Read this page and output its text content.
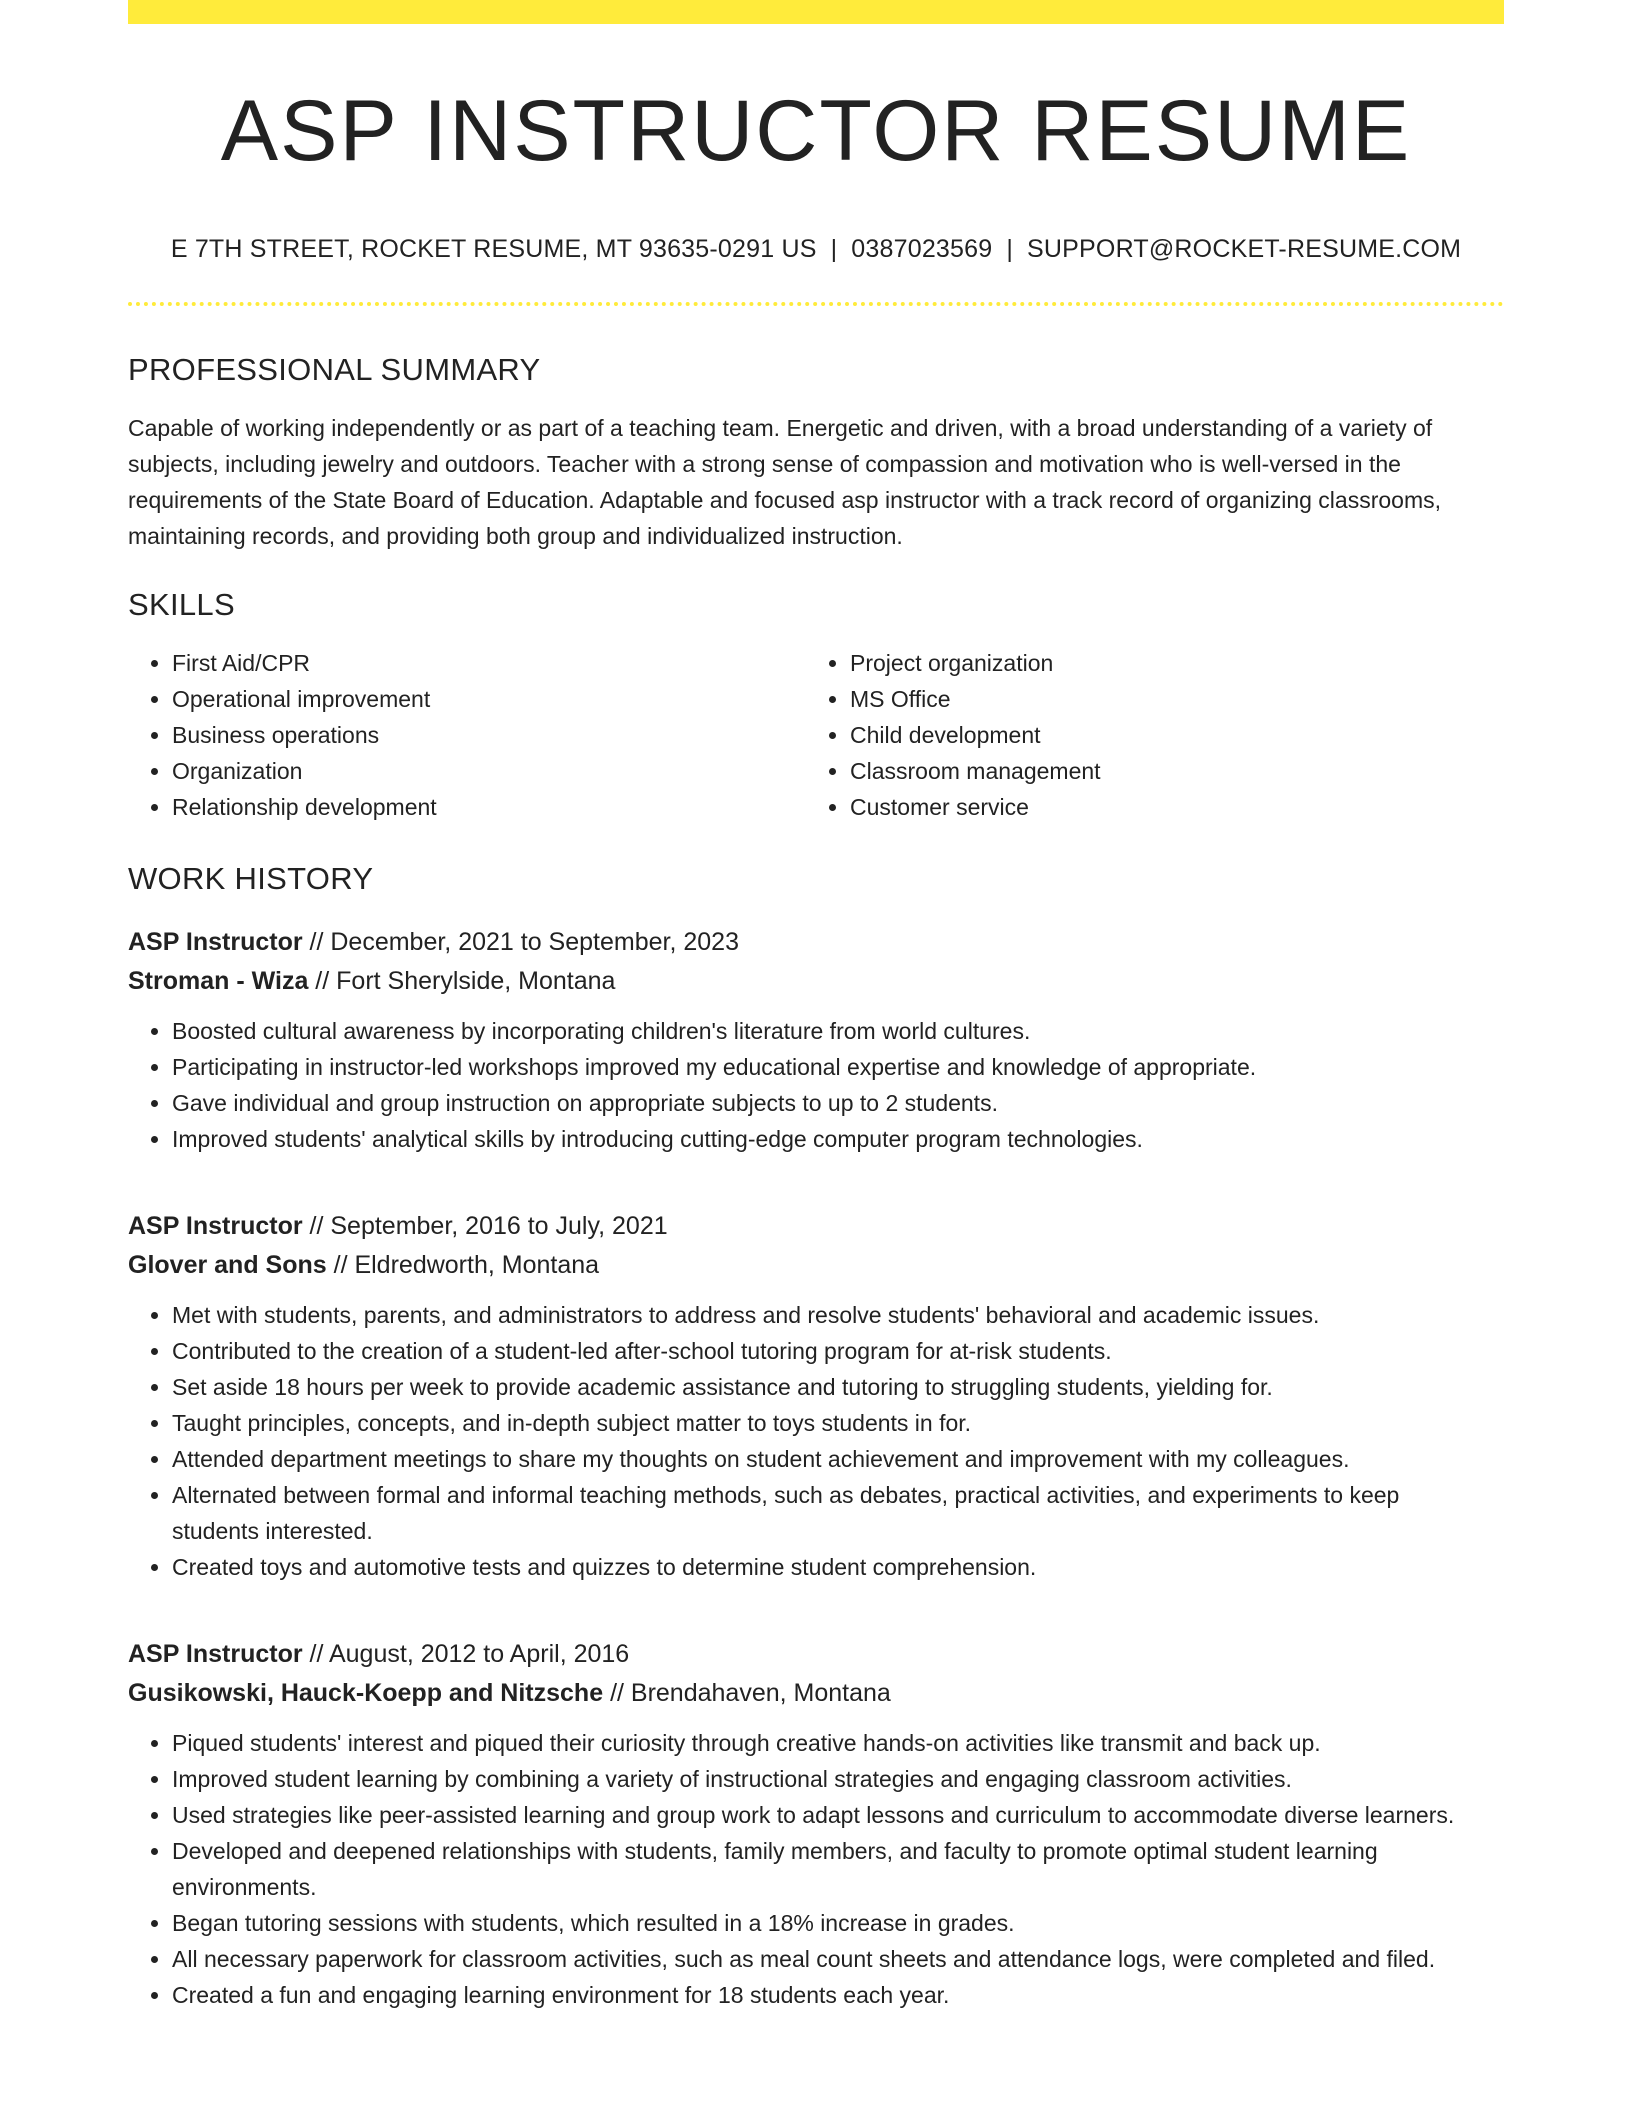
ASP INSTRUCTOR RESUME
E 7TH STREET, ROCKET RESUME, MT 93635-0291 US | 0387023569 | SUPPORT@ROCKET-RESUME.COM
PROFESSIONAL SUMMARY
Capable of working independently or as part of a teaching team. Energetic and driven, with a broad understanding of a variety of subjects, including jewelry and outdoors. Teacher with a strong sense of compassion and motivation who is well-versed in the requirements of the State Board of Education. Adaptable and focused asp instructor with a track record of organizing classrooms, maintaining records, and providing both group and individualized instruction.
SKILLS
• First Aid/CPR
• Operational improvement
• Business operations
• Organization
• Relationship development
• Project organization
• MS Office
• Child development
• Classroom management
• Customer service
WORK HISTORY
ASP Instructor // December, 2021 to September, 2023
Stroman - Wiza // Fort Sherylside, Montana
• Boosted cultural awareness by incorporating children's literature from world cultures.
• Participating in instructor-led workshops improved my educational expertise and knowledge of appropriate.
• Gave individual and group instruction on appropriate subjects to up to 2 students.
• Improved students' analytical skills by introducing cutting-edge computer program technologies.
ASP Instructor // September, 2016 to July, 2021
Glover and Sons // Eldredworth, Montana
• Met with students, parents, and administrators to address and resolve students' behavioral and academic issues.
• Contributed to the creation of a student-led after-school tutoring program for at-risk students.
• Set aside 18 hours per week to provide academic assistance and tutoring to struggling students, yielding for.
• Taught principles, concepts, and in-depth subject matter to toys students in for.
• Attended department meetings to share my thoughts on student achievement and improvement with my colleagues.
• Alternated between formal and informal teaching methods, such as debates, practical activities, and experiments to keep students interested.
• Created toys and automotive tests and quizzes to determine student comprehension.
ASP Instructor // August, 2012 to April, 2016
Gusikowski, Hauck-Koepp and Nitzsche // Brendahaven, Montana
• Piqued students' interest and piqued their curiosity through creative hands-on activities like transmit and back up.
• Improved student learning by combining a variety of instructional strategies and engaging classroom activities.
• Used strategies like peer-assisted learning and group work to adapt lessons and curriculum to accommodate diverse learners.
• Developed and deepened relationships with students, family members, and faculty to promote optimal student learning environments.
• Began tutoring sessions with students, which resulted in a 18% increase in grades.
• All necessary paperwork for classroom activities, such as meal count sheets and attendance logs, were completed and filed.
• Created a fun and engaging learning environment for 18 students each year.
